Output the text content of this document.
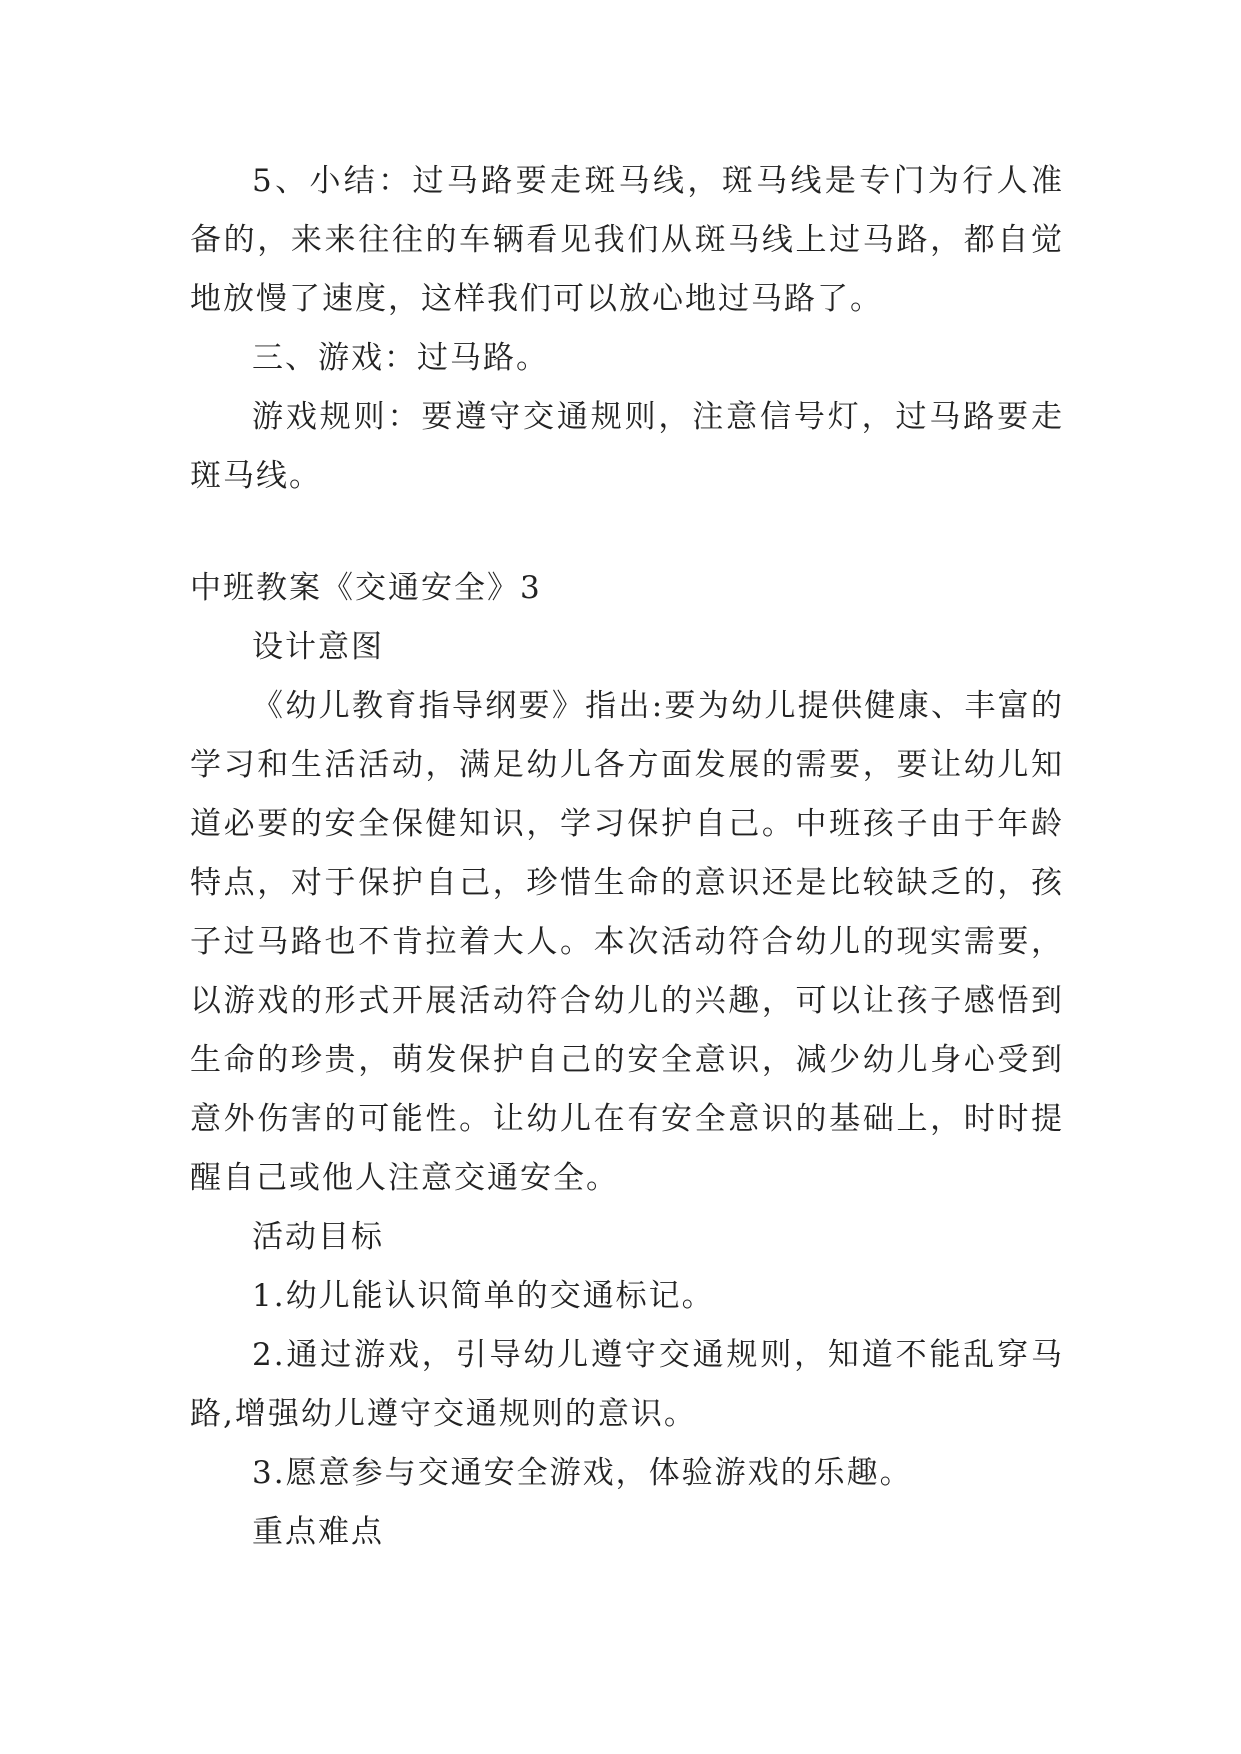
5、小结：过马路要走斑马线，斑马线是专门为行人准备的，来来往往的车辆看见我们从斑马线上过马路，都自觉地放慢了速度，这样我们可以放心地过马路了。

三、游戏：过马路。

游戏规则：要遵守交通规则，注意信号灯，过马路要走斑马线。

中班教案《交通安全》3

设计意图

《幼儿教育指导纲要》指出:要为幼儿提供健康、丰富的学习和生活活动，满足幼儿各方面发展的需要，要让幼儿知道必要的安全保健知识，学习保护自己。中班孩子由于年龄特点，对于保护自己，珍惜生命的意识还是比较缺乏的，孩子过马路也不肯拉着大人。本次活动符合幼儿的现实需要，以游戏的形式开展活动符合幼儿的兴趣，可以让孩子感悟到生命的珍贵，萌发保护自己的安全意识，减少幼儿身心受到意外伤害的可能性。让幼儿在有安全意识的基础上，时时提醒自己或他人注意交通安全。

活动目标

1.幼儿能认识简单的交通标记。

2.通过游戏，引导幼儿遵守交通规则，知道不能乱穿马路,增强幼儿遵守交通规则的意识。

3.愿意参与交通安全游戏，体验游戏的乐趣。

重点难点
